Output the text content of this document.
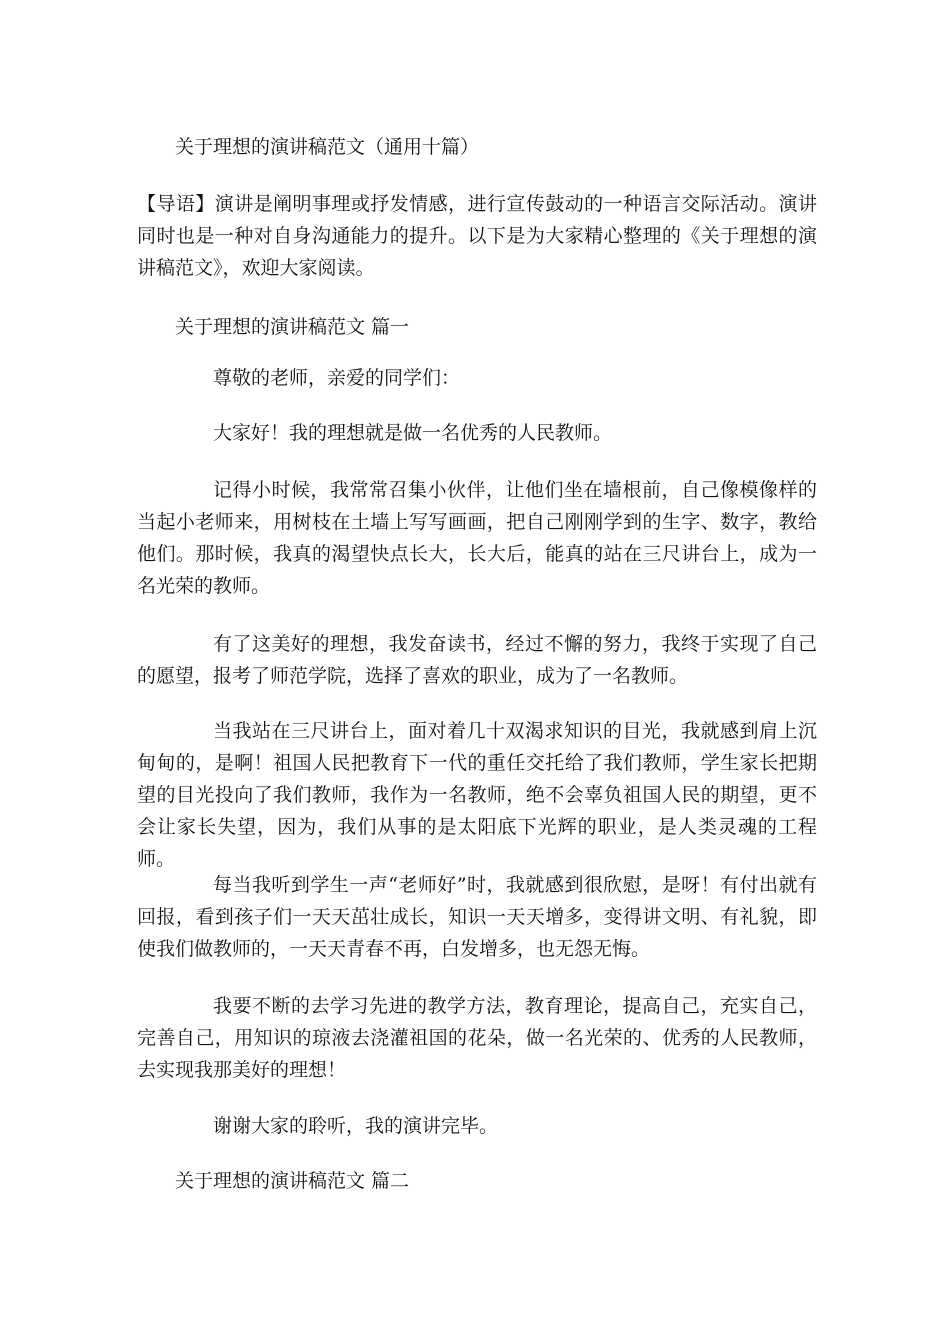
关于理想的演讲稿范文（通用十篇）

【导语】演讲是阐明事理或抒发情感，进行宣传鼓动的一种语言交际活动。演讲同时也是一种对自身沟通能力的提升。以下是为大家精心整理的《关于理想的演讲稿范文》，欢迎大家阅读。

关于理想的演讲稿范文 篇一

尊敬的老师，亲爱的同学们：

大家好！我的理想就是做一名优秀的人民教师。

记得小时候，我常常召集小伙伴，让他们坐在墙根前，自己像模像样的当起小老师来，用树枝在土墙上写写画画，把自己刚刚学到的生字、数字，教给他们。那时候，我真的渴望快点长大，长大后，能真的站在三尺讲台上，成为一名光荣的教师。

有了这美好的理想，我发奋读书，经过不懈的努力，我终于实现了自己的愿望，报考了师范学院，选择了喜欢的职业，成为了一名教师。

当我站在三尺讲台上，面对着几十双渴求知识的目光，我就感到肩上沉甸甸的，是啊！祖国人民把教育下一代的重任交托给了我们教师，学生家长把期望的目光投向了我们教师，我作为一名教师，绝不会辜负祖国人民的期望，更不会让家长失望，因为，我们从事的是太阳底下光辉的职业，是人类灵魂的工程师。

每当我听到学生一声“老师好”时，我就感到很欣慰，是呀！有付出就有回报，看到孩子们一天天茁壮成长，知识一天天增多，变得讲文明、有礼貌，即使我们做教师的，一天天青春不再，白发增多，也无怨无悔。

我要不断的去学习先进的教学方法，教育理论，提高自己，充实自己，完善自己，用知识的琼液去浇灌祖国的花朵，做一名光荣的、优秀的人民教师，去实现我那美好的理想！

谢谢大家的聆听，我的演讲完毕。

关于理想的演讲稿范文 篇二
